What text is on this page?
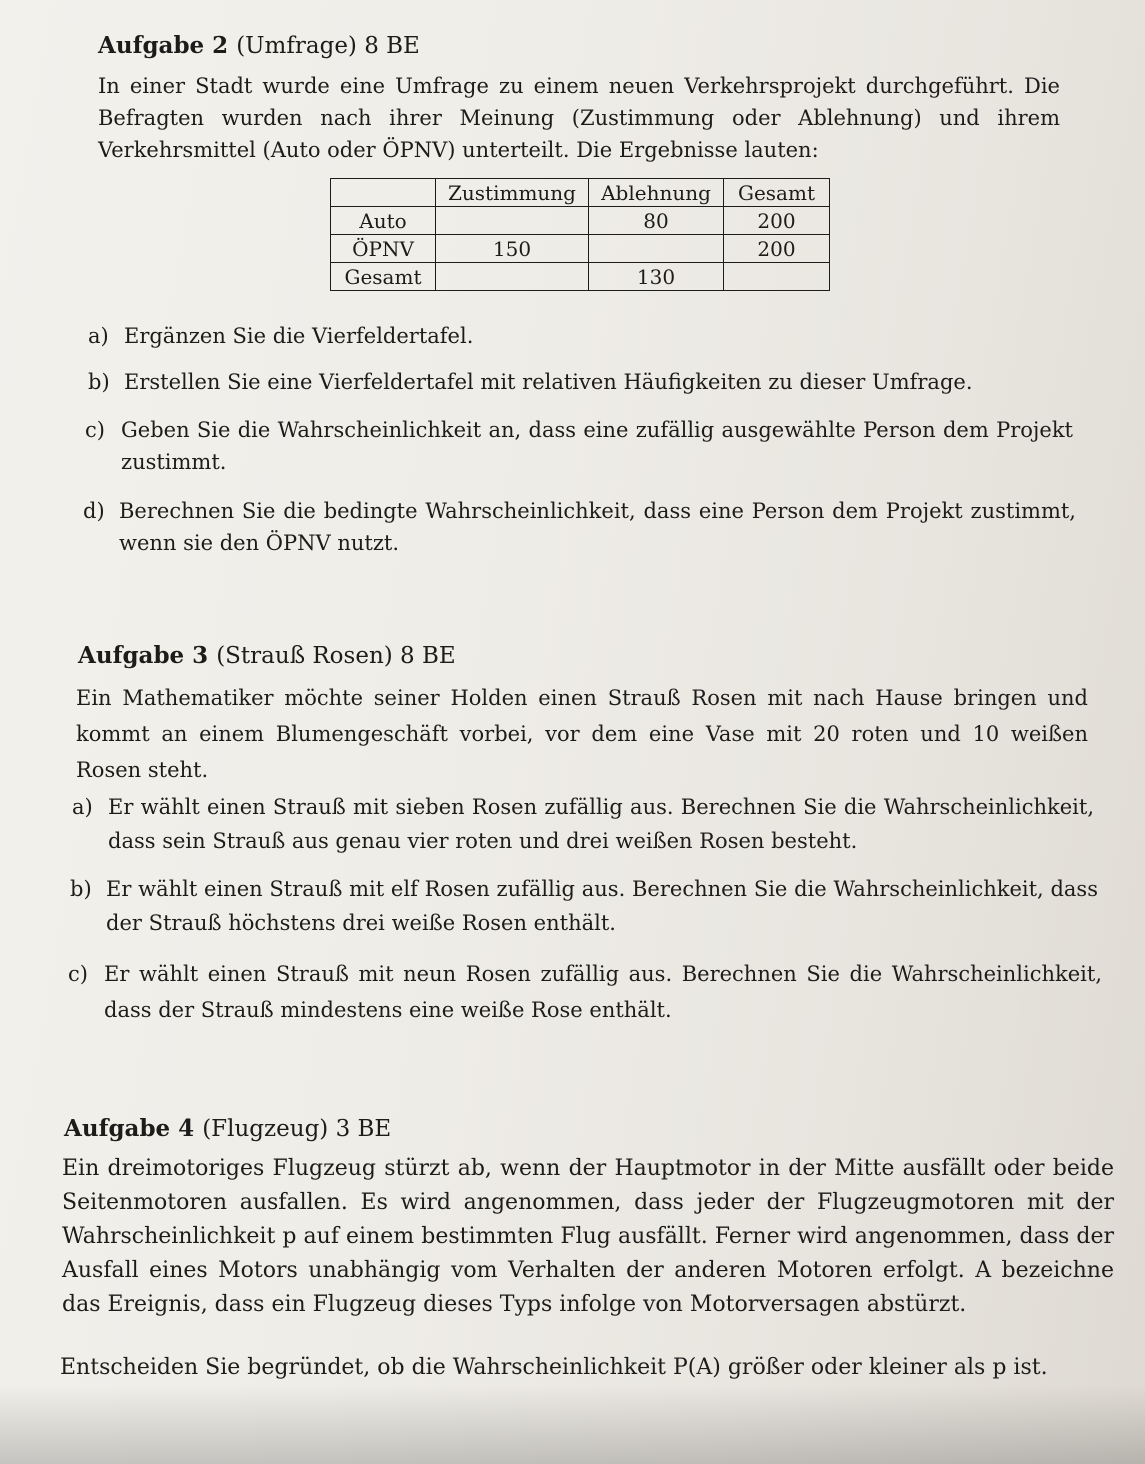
Aufgabe 2 (Umfrage) 8 BE

In einer Stadt wurde eine Umfrage zu einem neuen Verkehrsprojekt durchgeführt. Die Befragten wurden nach ihrer Meinung (Zustimmung oder Ablehnung) und ihrem Verkehrsmittel (Auto oder ÖPNV) unterteilt. Die Ergebnisse lauten:

	Zustimmung	Ablehnung	Gesamt
Auto		80	200
ÖPNV	150		200
Gesamt		130	
a) Ergänzen Sie die Vierfeldertafel.
b) Erstellen Sie eine Vierfeldertafel mit relativen Häufigkeiten zu dieser Umfrage.
c) Geben Sie die Wahrscheinlichkeit an, dass eine zufällig ausgewählte Person dem Projekt zustimmt.
d) Berechnen Sie die bedingte Wahrscheinlichkeit, dass eine Person dem Projekt zustimmt, wenn sie den ÖPNV nutzt.
Aufgabe 3 (Strauß Rosen) 8 BE

Ein Mathematiker möchte seiner Holden einen Strauß Rosen mit nach Hause bringen und kommt an einem Blumengeschäft vorbei, vor dem eine Vase mit 20 roten und 10 weißen Rosen steht.

a) Er wählt einen Strauß mit sieben Rosen zufällig aus. Berechnen Sie die Wahrscheinlichkeit, dass sein Strauß aus genau vier roten und drei weißen Rosen besteht.
b) Er wählt einen Strauß mit elf Rosen zufällig aus. Berechnen Sie die Wahrscheinlichkeit, dass der Strauß höchstens drei weiße Rosen enthält.
c) Er wählt einen Strauß mit neun Rosen zufällig aus. Berechnen Sie die Wahrscheinlichkeit, dass der Strauß mindestens eine weiße Rose enthält.
Aufgabe 4 (Flugzeug) 3 BE

Ein dreimotoriges Flugzeug stürzt ab, wenn der Hauptmotor in der Mitte ausfällt oder beide Seitenmotoren ausfallen. Es wird angenommen, dass jeder der Flugzeugmotoren mit der Wahrscheinlichkeit p auf einem bestimmten Flug ausfällt. Ferner wird angenommen, dass der Ausfall eines Motors unabhängig vom Verhalten der anderen Motoren erfolgt. A bezeichne das Ereignis, dass ein Flugzeug dieses Typs infolge von Motorversagen abstürzt.

Entscheiden Sie begründet, ob die Wahrscheinlichkeit P(A) größer oder kleiner als p ist.
